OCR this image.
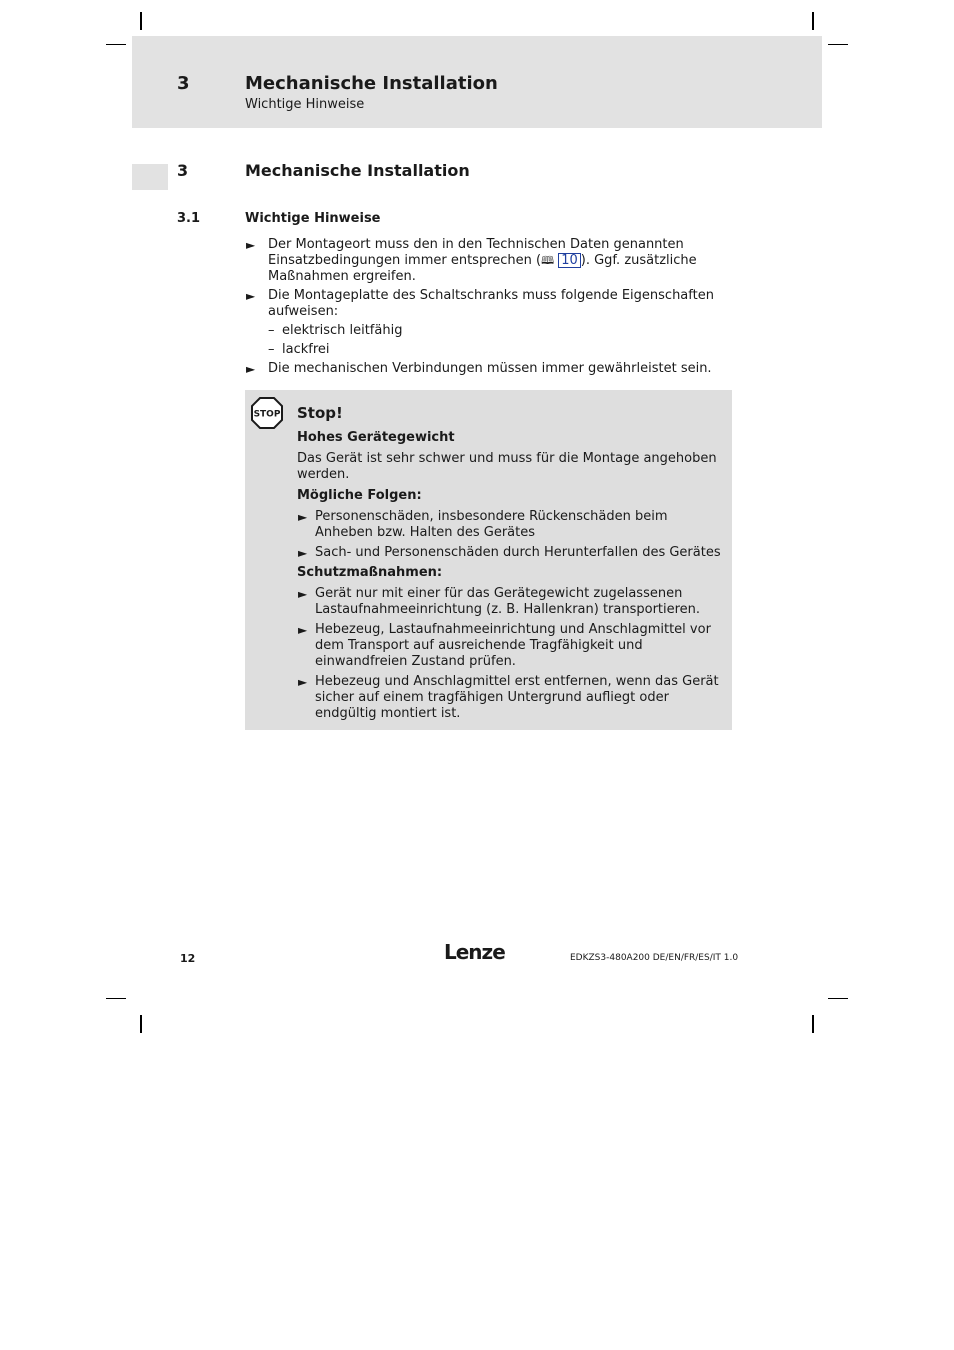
3	Mechanische Installation
Wichtige Hinweise
3	Mechanische Installation
3.1	Wichtige Hinweise
► Der Montageort muss den in den Technischen Daten genannten Einsatzbedingungen immer entsprechen (🕮 10 ). Ggf. zusätzliche Maßnahmen ergreifen.
► Die Montageplatte des Schaltschranks muss folgende Eigenschaften aufweisen:
– elektrisch leitfähig
– lackfrei
► Die mechanischen Verbindungen müssen immer gewährleistet sein.
STOP Stop!
Hohes Gerätegewicht
Das Gerät ist sehr schwer und muss für die Montage angehoben werden.
Mögliche Folgen:
► Personenschäden, insbesondere Rückenschäden beim Anheben bzw. Halten des Gerätes
► Sach- und Personenschäden durch Herunterfallen des Gerätes
Schutzmaßnahmen:
► Gerät nur mit einer für das Gerätegewicht zugelassenen Lastaufnahmeeinrichtung (z. B. Hallenkran) transportieren.
► Hebezeug, Lastaufnahmeeinrichtung und Anschlagmittel vor dem Transport auf ausreichende Tragfähigkeit und einwandfreien Zustand prüfen.
► Hebezeug und Anschlagmittel erst entfernen, wenn das Gerät sicher auf einem tragfähigen Untergrund aufliegt oder endgültig montiert ist.
12	Lenze	EDKZS3-480A200 DE/EN/FR/ES/IT 1.0
